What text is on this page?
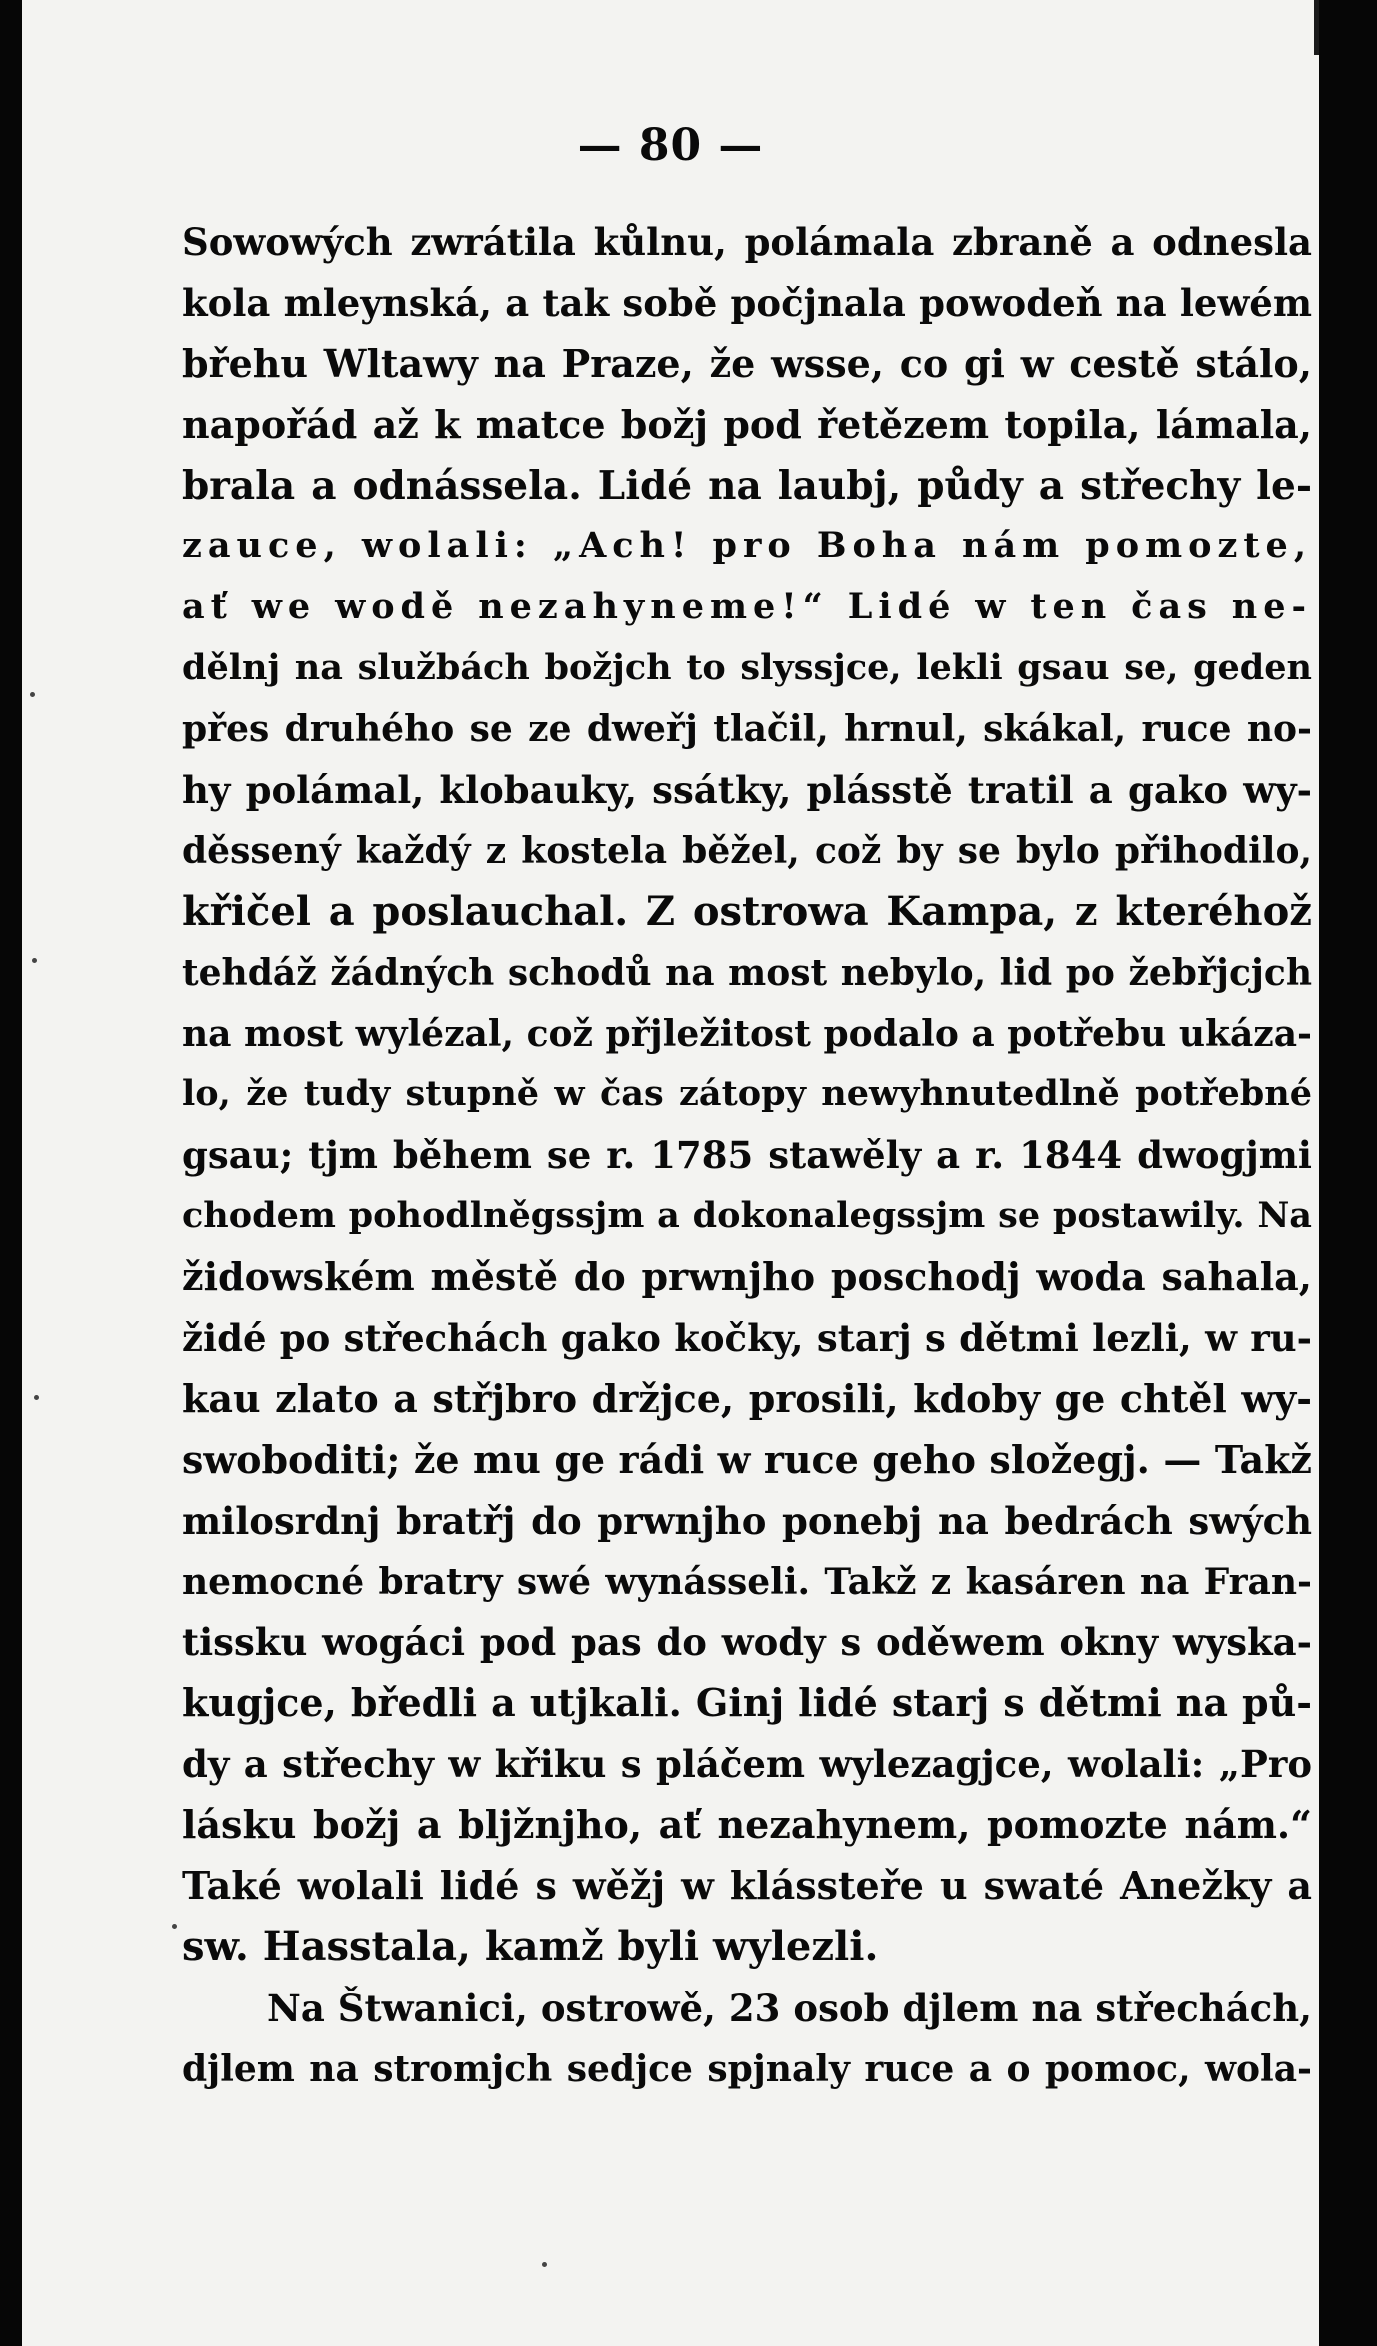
— 80 —
Sowowých zwrátila kůlnu, polámala zbraně a odnesla
kola mleynská, a tak sobě počjnala powodeň na lewém
břehu Wltawy na Praze, že wsse, co gi w cestě stálo,
napořád až k matce božj pod řetězem topila, lámala,
brala a odnássela. Lidé na laubj, půdy a střechy le-
zauce, wolali: „Ach! pro Boha nám pomozte,
ať we wodě nezahyneme!“ Lidé w ten čas ne-
dělnj na službách božjch to slyssjce, lekli gsau se, geden
přes druhého se ze dweřj tlačil, hrnul, skákal, ruce no-
hy polámal, klobauky, ssátky, plásstě tratil a gako wy-
děssený každý z kostela běžel, což by se bylo přihodilo,
křičel a poslauchal. Z ostrowa Kampa, z kteréhož
tehdáž žádných schodů na most nebylo, lid po žebřjcjch
na most wylézal, což přjležitost podalo a potřebu ukáza-
lo, že tudy stupně w čas zátopy newyhnutedlně potřebné
gsau; tjm během se r. 1785 stawěly a r. 1844 dwogjmi
chodem pohodlněgssjm a dokonalegssjm se postawily. Na
židowském městě do prwnjho poschodj woda sahala,
židé po střechách gako kočky, starj s dětmi lezli, w ru-
kau zlato a střjbro držjce, prosili, kdoby ge chtěl wy-
swoboditi; že mu ge rádi w ruce geho složegj. — Takž
milosrdnj bratřj do prwnjho ponebj na bedrách swých
nemocné bratry swé wynásseli. Takž z kasáren na Fran-
tissku wogáci pod pas do wody s oděwem okny wyska-
kugjce, bředli a utjkali. Ginj lidé starj s dětmi na pů-
dy a střechy w křiku s pláčem wylezagjce, wolali: „Pro
lásku božj a bljžnjho, ať nezahynem, pomozte nám.“
Také wolali lidé s wěžj w klássteře u swaté Anežky a
sw. Hasstala, kamž byli wylezli.
Na Štwanici, ostrowě, 23 osob djlem na střechách,
djlem na stromjch sedjce spjnaly ruce a o pomoc, wola-
